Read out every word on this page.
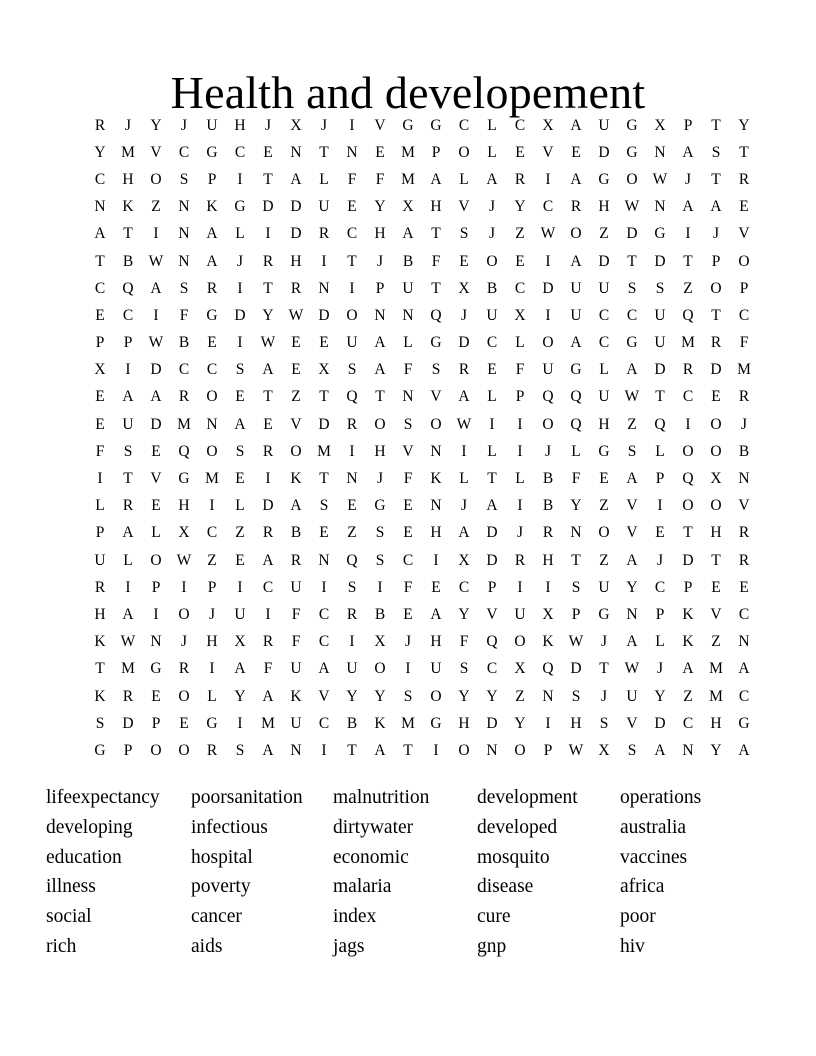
Health and developement
R	J	Y	J	U	H	J	X	J	I	V	G	G	C	L	C	X	A	U	G	X	P	T	Y
Y	M	V	C	G	C	E	N	T	N	E	M	P	O	L	E	V	E	D	G	N	A	S	T
C	H	O	S	P	I	T	A	L	F	F	M	A	L	A	R	I	A	G	O W	J	T	R
N	K	Z	N	K	G	D	D	U	E	Y	X	H	V	J	Y	C	R	H W N	A	A	E
A	T	I	N	A	L	I	D	R	C	H	A	T	S	J	Z	W O	Z	D	G	I	J	V
T	B	W N	A	J	R	H	I	T	J	B	F	E	O	E	I	A	D	T	D	T	P	O
C	Q	A	S	R	I	T	R	N	I	P	U	T	X	B	C	D	U	U	S	S	Z	O	P
E	C	I	F	G	D	Y W D	O	N	N	Q	J	U	X	I	U	C	C	U	Q	T	C
P	P	W	B	E	I	W	E	E	U	A	L	G	D	C	L	O	A	C	G	U	M	R	F
X	I	D	C	C	S	A	E	X	S	A	F	S	R	E	F	U	G	L	A	D	R	D	M
E	A	A	R	O	E	T	Z	T	Q	T	N	V	A	L	P	Q	Q	U W	T	C	E	R
E	U	D	M	N	A	E	V	D	R	O	S	O W	I	I	O	Q	H	Z	Q	I	O	J
F	S	E	Q	O	S	R	O	M	I	H	V	N	I	L	I	J	L	G	S	L	O	O	B
I	T	V	G	M	E	I	K	T	N	J	F	K	L	T	L	B	F	E	A	P	Q	X	N
L	R	E	H	I	L	D	A	S	E	G	E	N	J	A	I	B	Y	Z	V	I	O	O	V
P	A	L	X	C	Z	R	B	E	Z	S	E	H	A	D	J	R	N	O	V	E	T	H	R
U	L	O W	Z	E	A	R	N	Q	S	C	I	X	D	R	H	T	Z	A	J	D	T	R
R	I	P	I	P	I	C	U	I	S	I	F	E	C	P	I	I	S	U	Y	C	P	E	E
H	A	I	O	J	U	I	F	C	R	B	E	A	Y	V	U	X	P	G	N	P	K	V	C
K W N	J	H	X	R	F	C	I	X	J	H	F	Q	O	K W	J	A	L	K	Z	N
T	M	G	R	I	A	F	U	A	U	O	I	U	S	C	X	Q	D	T	W	J	A	M	A
K	R	E	O	L	Y	A	K	V	Y	Y	S	O	Y	Y	Z	N	S	J	U	Y	Z	M	C
S	D	P	E	G	I	M	U	C	B	K	M	G	H	D	Y	I	H	S	V	D	C	H	G
G	P	O	O	R	S	A	N	I	T	A	T	I	O	N	O	P	W X	S	A	N	Y	A
lifeexpectancy
developing
education
illness
social
rich
poorsanitation
infectious
hospital
poverty
cancer
aids
malnutrition
dirtywater
economic
malaria
index
jags
development
developed
mosquito
disease
cure
gnp
operations
australia
vaccines
africa
poor
hiv
